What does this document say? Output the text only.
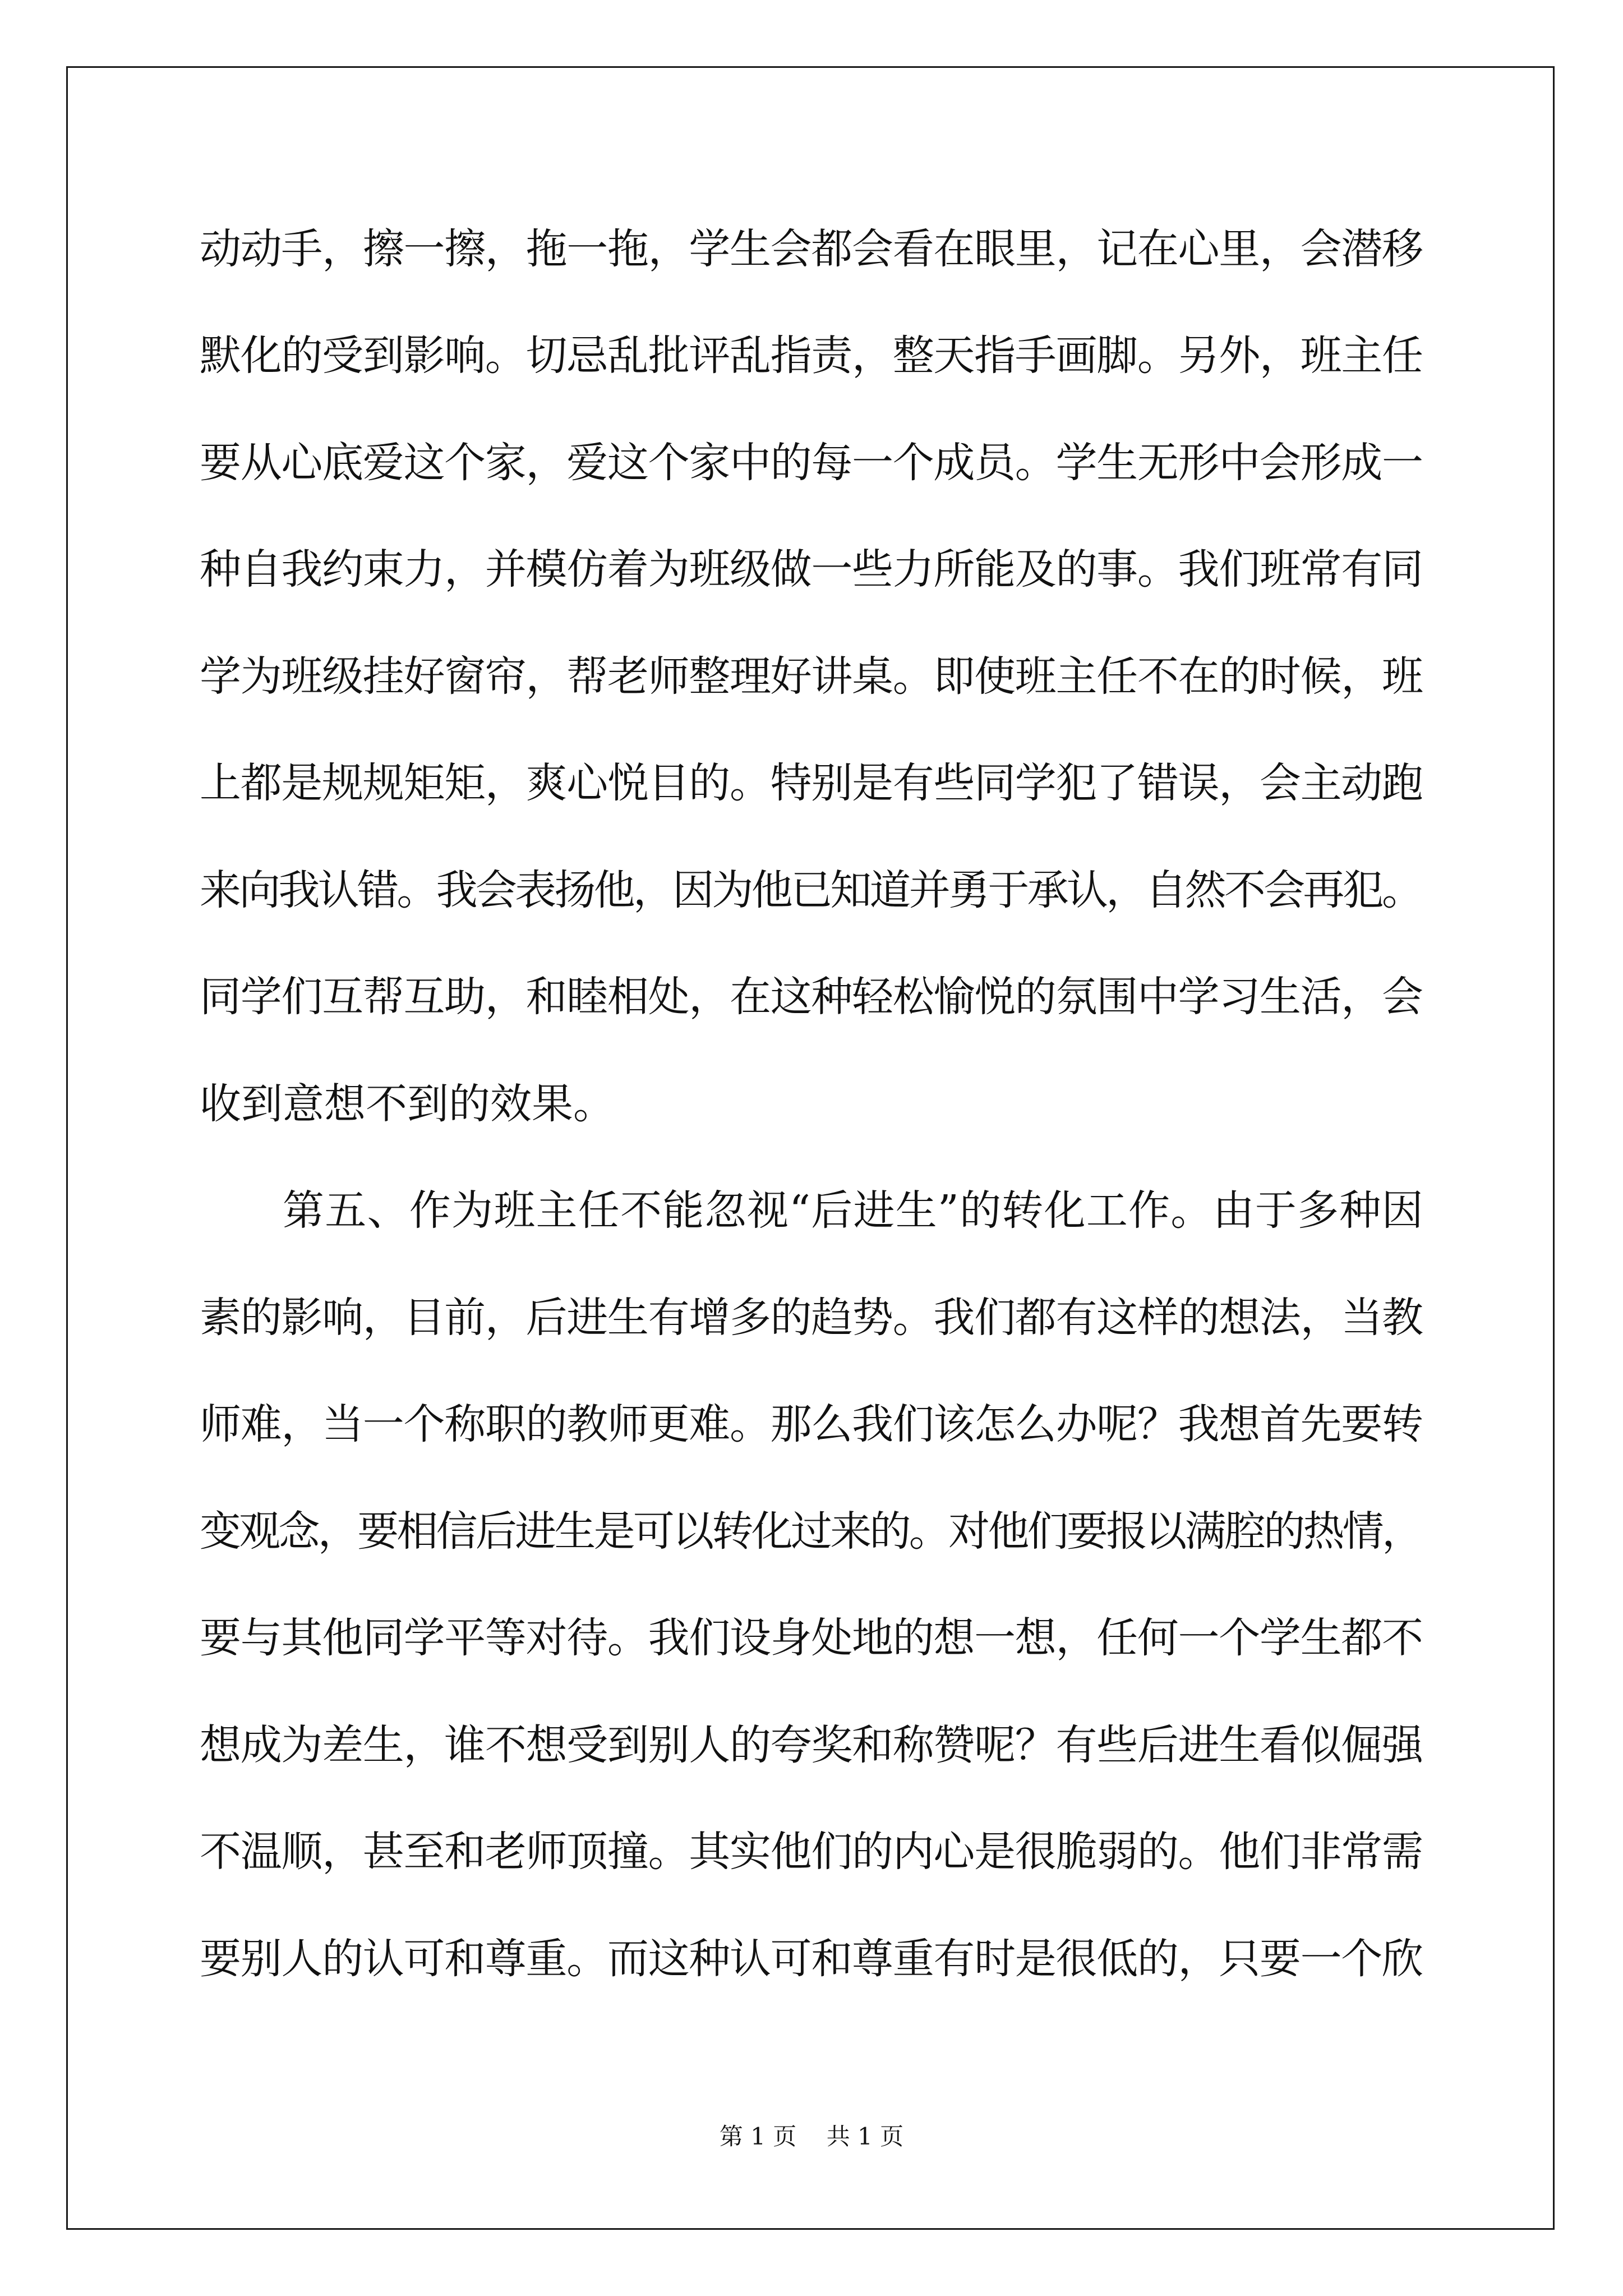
动动手，擦一擦，拖一拖，学生会都会看在眼里，记在心里，会潜移
默化的受到影响。切忌乱批评乱指责，整天指手画脚。另外，班主任
要从心底爱这个家，爱这个家中的每一个成员。学生无形中会形成一
种自我约束力，并模仿着为班级做一些力所能及的事。我们班常有同
学为班级挂好窗帘，帮老师整理好讲桌。即使班主任不在的时候，班
上都是规规矩矩，爽心悦目的。特别是有些同学犯了错误，会主动跑
来向我认错。我会表扬他，因为他已知道并勇于承认，自然不会再犯。
同学们互帮互助，和睦相处，在这种轻松愉悦的氛围中学习生活，会
收到意想不到的效果。
第五、作为班主任不能忽视“后进生”的转化工作。由于多种因
素的影响，目前，后进生有增多的趋势。我们都有这样的想法，当教
师难，当一个称职的教师更难。那么我们该怎么办呢？我想首先要转
变观念，要相信后进生是可以转化过来的。对他们要报以满腔的热情，
要与其他同学平等对待。我们设身处地的想一想，任何一个学生都不
想成为差生，谁不想受到别人的夸奖和称赞呢？有些后进生看似倔强
不温顺，甚至和老师顶撞。其实他们的内心是很脆弱的。他们非常需
要别人的认可和尊重。而这种认可和尊重有时是很低的，只要一个欣
第 1 页    共 1 页
